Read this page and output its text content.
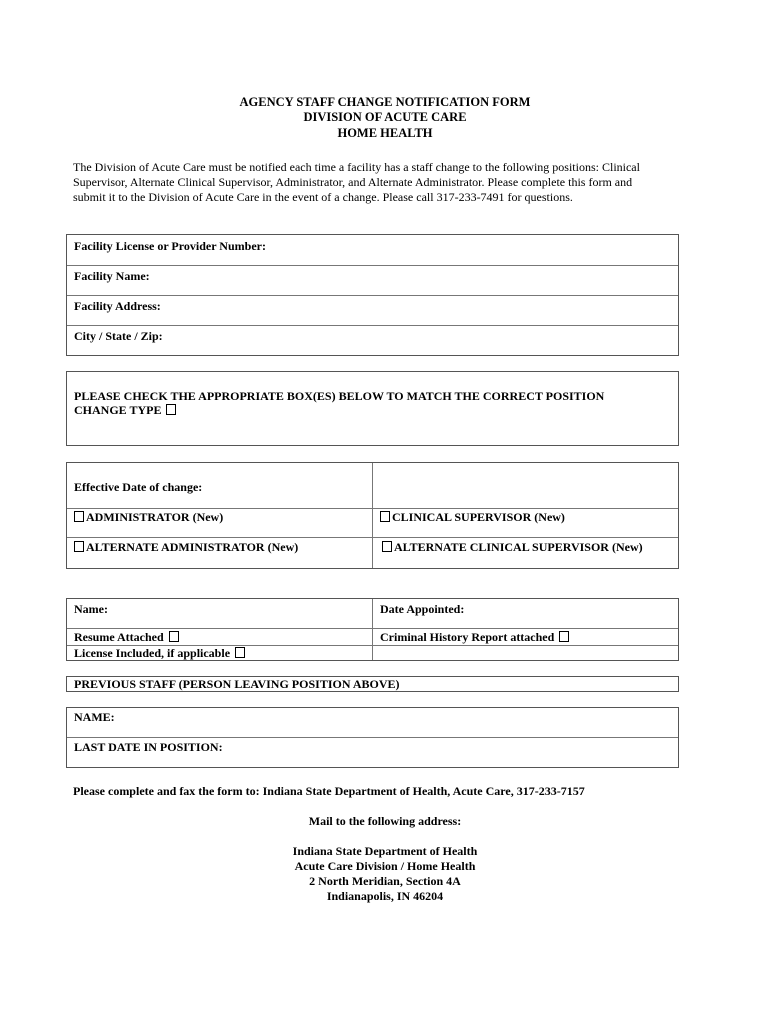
AGENCY STAFF CHANGE NOTIFICATION FORM
DIVISION OF ACUTE CARE
HOME HEALTH
The Division of Acute Care must be notified each time a facility has a staff change to the following positions: Clinical
Supervisor, Alternate Clinical Supervisor, Administrator, and Alternate Administrator. Please complete this form and
submit it to the Division of Acute Care in the event of a change. Please call 317-233-7491 for questions.
Facility License or Provider Number:
Facility Name:
Facility Address:
City / State / Zip:
PLEASE CHECK THE APPROPRIATE BOX(ES) BELOW TO MATCH THE CORRECT POSITION
CHANGE TYPE
Effective Date of change:
ADMINISTRATOR (New)	CLINICAL SUPERVISOR (New)
ALTERNATE ADMINISTRATOR (New)	ALTERNATE CLINICAL SUPERVISOR (New)
Name:	Date Appointed:
Resume Attached	Criminal History Report attached
License Included, if applicable
PREVIOUS STAFF (PERSON LEAVING POSITION ABOVE)
NAME:
LAST DATE IN POSITION:
Please complete and fax the form to: Indiana State Department of Health, Acute Care, 317-233-7157
Mail to the following address:
Indiana State Department of Health
Acute Care Division / Home Health
2 North Meridian, Section 4A
Indianapolis, IN 46204
